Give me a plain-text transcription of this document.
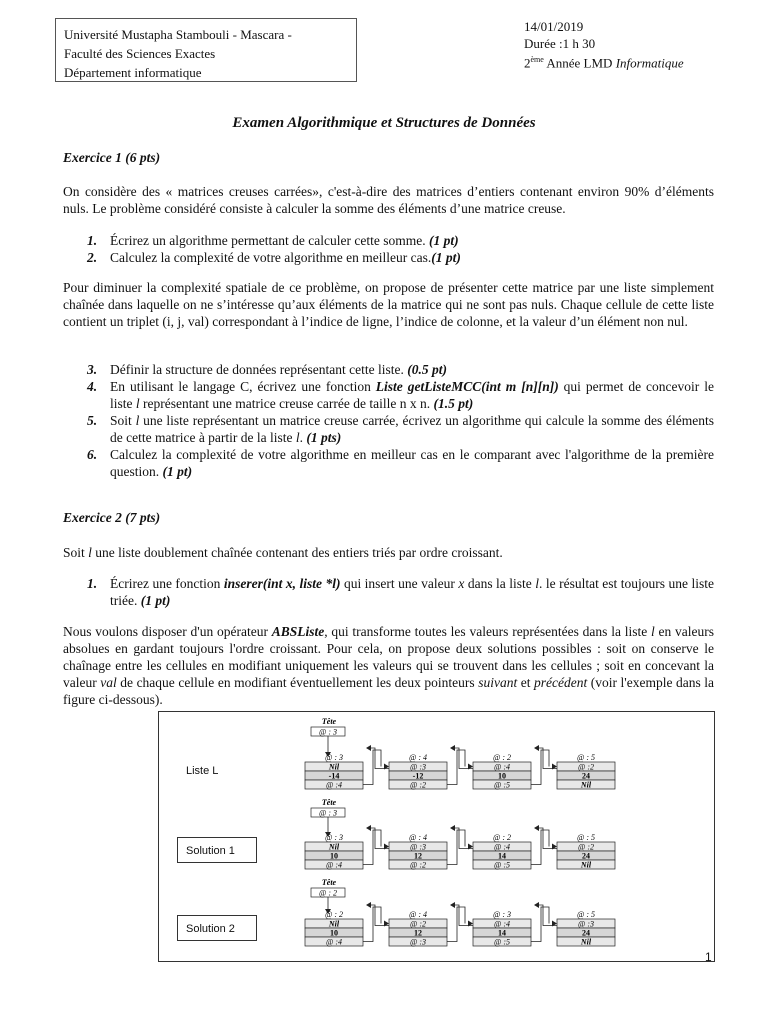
Université Mustapha Stambouli - Mascara -
Faculté des Sciences Exactes
Département informatique
14/01/2019
Durée :1 h 30
2ème Année LMD Informatique
Examen Algorithmique et Structures de Données
Exercice 1 (6 pts)
On considère des « matrices creuses carrées», c'est-à-dire des matrices d’entiers contenant environ 90% d’éléments nuls. Le problème considéré consiste à calculer la somme des éléments d’une matrice creuse.
1. Écrirez un algorithme permettant de calculer cette somme. (1 pt)
2. Calculez la complexité de votre algorithme en meilleur cas.(1 pt)
Pour diminuer la complexité spatiale de ce problème, on propose de présenter cette matrice par une liste simplement chaînée dans laquelle on ne s’intéresse qu’aux éléments de la matrice qui ne sont pas nuls. Chaque cellule de cette liste contient un triplet (i, j, val) correspondant à l’indice de ligne, l’indice de colonne, et la valeur d’un élément non nul.
3. Définir la structure de données représentant cette liste. (0.5 pt)
4. En utilisant le langage C, écrivez une fonction Liste getListeMCC(int m [n][n]) qui permet de concevoir le liste l représentant une matrice creuse carrée de taille n x n. (1.5 pt)
5. Soit l une liste représentant un matrice creuse carrée, écrivez un algorithme qui calcule la somme des éléments de cette matrice à partir de la liste l. (1 pts)
6. Calculez la complexité de votre algorithme en meilleur cas en le comparant avec l'algorithme de la première question. (1 pt)
Exercice 2 (7 pts)
Soit l une liste doublement chaînée contenant des entiers triés par ordre croissant.
1. Écrirez une fonction inserer(int x, liste *l) qui insert une valeur x dans la liste l. le résultat est toujours une liste triée. (1 pt)
Nous voulons disposer d'un opérateur ABSListe, qui transforme toutes les valeurs représentées dans la liste l en valeurs absolues en gardant toujours l'ordre croissant. Pour cela, on propose deux solutions possibles : soit on conserve le chaînage entre les cellules en modifiant uniquement les valeurs qui se trouvent dans les cellules ; soit en concevant la valeur val de chaque cellule en modifiant éventuellement les deux pointeurs suivant et précédent (voir l'exemple dans la figure ci-dessous).
Liste L
Solution 1
Solution 2
Tête
@ : 3
@ : 3
Nil
-14
@ :4
@ : 4
@ :3
-12
@ :2
@ : 2
@ :4
10
@ :5
@ : 5
@ :2
24
Nil
Tête
@ : 3
@ : 3
Nil
10
@ :4
@ : 4
@ :3
12
@ :2
@ : 2
@ :4
14
@ :5
@ : 5
@ :2
24
Nil
Tête
@ : 2
@ : 2
Nil
10
@ :4
@ : 4
@ :2
12
@ :3
@ : 3
@ :4
14
@ :5
@ : 5
@ :3
24
Nil
1
